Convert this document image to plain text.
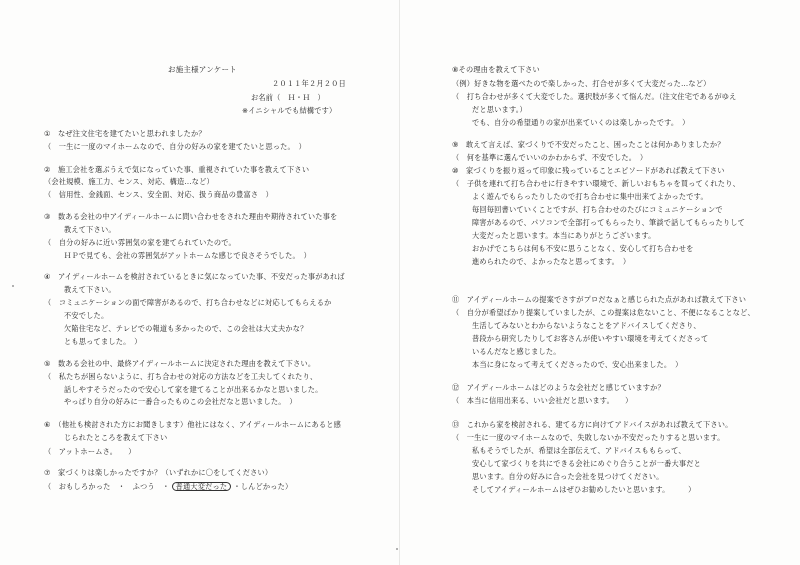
お施主様アンケート
２０１１年２月２０日
お名前（　Ｈ・Ｈ　）
※イニシャルでも結構です）
①　なぜ注文住宅を建てたいと思われましたか？
（　一生に一度のマイホームなので、自分の好みの家を建てたいと思った。　）
②　施工会社を選ぶうえで気になっていた事、重視されていた事を教えて下さい
（会社規模、施工力、センス、対応、構造…など）
（　信用性、金銭面、センス、安全面、対応、扱う商品の豊富さ　）
③　数ある会社の中アイディールホームに問い合わせをされた理由や期待されていた事を
教えて下さい。
（　自分の好みに近い雰囲気の家を建てられていたので。
ＨＰで見ても、会社の雰囲気がアットホームな感じで良さそうでした。　）
④　アイディールホームを検討されているときに気になっていた事、不安だった事があれば
教えて下さい。
（　コミュニケーションの面で障害があるので、打ち合わせなどに対応してもらえるか
不安でした。
欠陥住宅など、テレビでの報道も多かったので、この会社は大丈夫かな？
とも思ってました。　）
⑤　数ある会社の中、最終アイディールホームに決定された理由を教えて下さい。
（　私たちが困らないように、打ち合わせの対応の方法などを工夫してくれたり、
話しやすそうだったので安心して家を建てることが出来るかなと思いました。
やっぱり自分の好みに一番合ったものこの会社だなと思いました。　）
⑥　（他社も検討された方にお聞きします）他社にはなく、アイディールホームにあると感
じられたところを教えて下さい
（　アットホームさ。　　）
⑦　家づくりは楽しかったですか？（いずれかに〇をしてください）
（　おもしろかった　・　ふつう　・ 普通大変だった ・しんどかった）
⑧その理由を教えて下さい
（例）好きな物を選べたので楽しかった、打合せが多くて大変だった…など）
（　打ち合わせが多くて大変でした。選択肢が多くて悩んだ。（注文住宅であるがゆえ
だと思います。）
でも、自分の希望通りの家が出来ていくのは楽しかったです。　）
⑨　敢えて言えば、家づくりで不安だったこと、困ったことは何かありましたか？
（　何を基準に選んでいいのかわからず、不安でした。　）
⑩　家づくりを振り返って印象に残っていることエピソードがあれば教えて下さい
（　子供を連れて打ち合わせに行きやすい環境で、新しいおもちゃを買ってくれたり、
よく遊んでもらったりしたので打ち合わせに集中出来てよかったです。
毎回毎回書いていくことですが、打ち合わせのたびにコミュニケーションで
障害があるので、パソコンで全部打ってもらったり、筆談で話してもらったりして
大変だったと思います。本当にありがとうございます。
おかげでこちらは何も不安に思うことなく、安心して打ち合わせを
進められたので、よかったなと思ってます。　）
⑪　アイディールホームの提案でさすがプロだなぁと感じられた点があれば教えて下さい
（　自分が希望ばかり提案していましたが、この提案は危ないこと、不便になることなど、
生活してみないとわからないようなことをアドバイスしてくださり、
普段から研究したりしてお客さんが使いやすい環境を考えてくださって
いるんだなと感じました。
本当に身になって考えてくださったので、安心出来ました。　）
⑫　アイディールホームはどのような会社だと感じていますか？
（　本当に信用出来る、いい会社だと思います。　　）
⑬　これから家を検討される、建てる方に向けてアドバイスがあれば教えて下さい。
（　一生に一度のマイホームなので、失敗しないか不安だったりすると思います。
私もそうでしたが、希望は全部伝えて、アドバイスももらって、
安心して家づくりを共にできる会社にめぐり合うことが一番大事だと
思います。自分の好みに合った会社を見つけてください。
そしてアイディールホームはぜひお勧めしたいと思います。　　　）
